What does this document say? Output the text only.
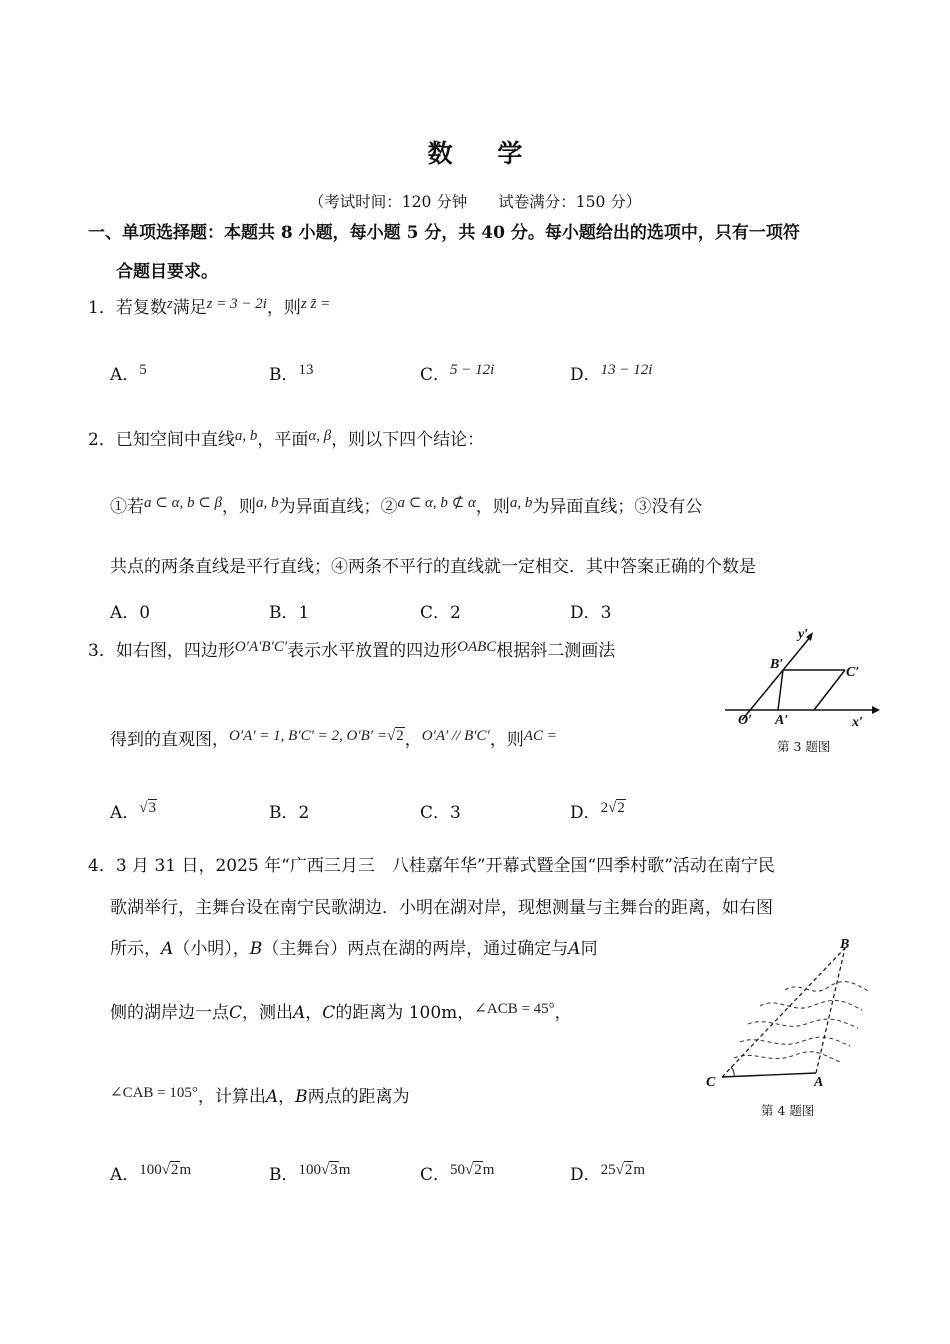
数 学
（考试时间：120 分钟　　试卷满分：150 分）
一、单项选择题：本题共 8 小题，每小题 5 分，共 40 分。每小题给出的选项中，只有一项符
合题目要求。
1．若复数z满足z = 3 − 2i，则z z̄ =
A．5	B．13	C．5 − 12i	D．13 − 12i
2．已知空间中直线a, b，平面α, β，则以下四个结论：
①若a ⊂ α, b ⊂ β，则a, b为异面直线；②a ⊂ α, b ⊄ α，则a, b为异面直线；③没有公
共点的两条直线是平行直线；④两条不平行的直线就一定相交．其中答案正确的个数是
A．0	B．1	C．2	D．3
3．如右图，四边形O′A′B′C′表示水平放置的四边形OABC根据斜二测画法
得到的直观图，O′A′ = 1, B′C′ = 2, O′B′ =√2，O′A′ // B′C′，则AC =
y′
B′
C′
O′ A′	x′
第 3 题图
A．√3	B．2	C．3	D．2√2
4．3 月 31 日，2025 年“广西三月三　八桂嘉年华”开幕式暨全国“四季村歌”活动在南宁民
歌湖举行，主舞台设在南宁民歌湖边．小明在湖对岸，现想测量与主舞台的距离，如右图
所示，A（小明），B（主舞台）两点在湖的两岸，通过确定与A同
侧的湖岸边一点C，测出A，C的距离为 100m，∠ACB = 45°，
∠CAB = 105°，计算出A，B两点的距离为
B
C	A
第 4 题图
A．100√2m	B．100√3m	C．50√2m	D．25√2m
